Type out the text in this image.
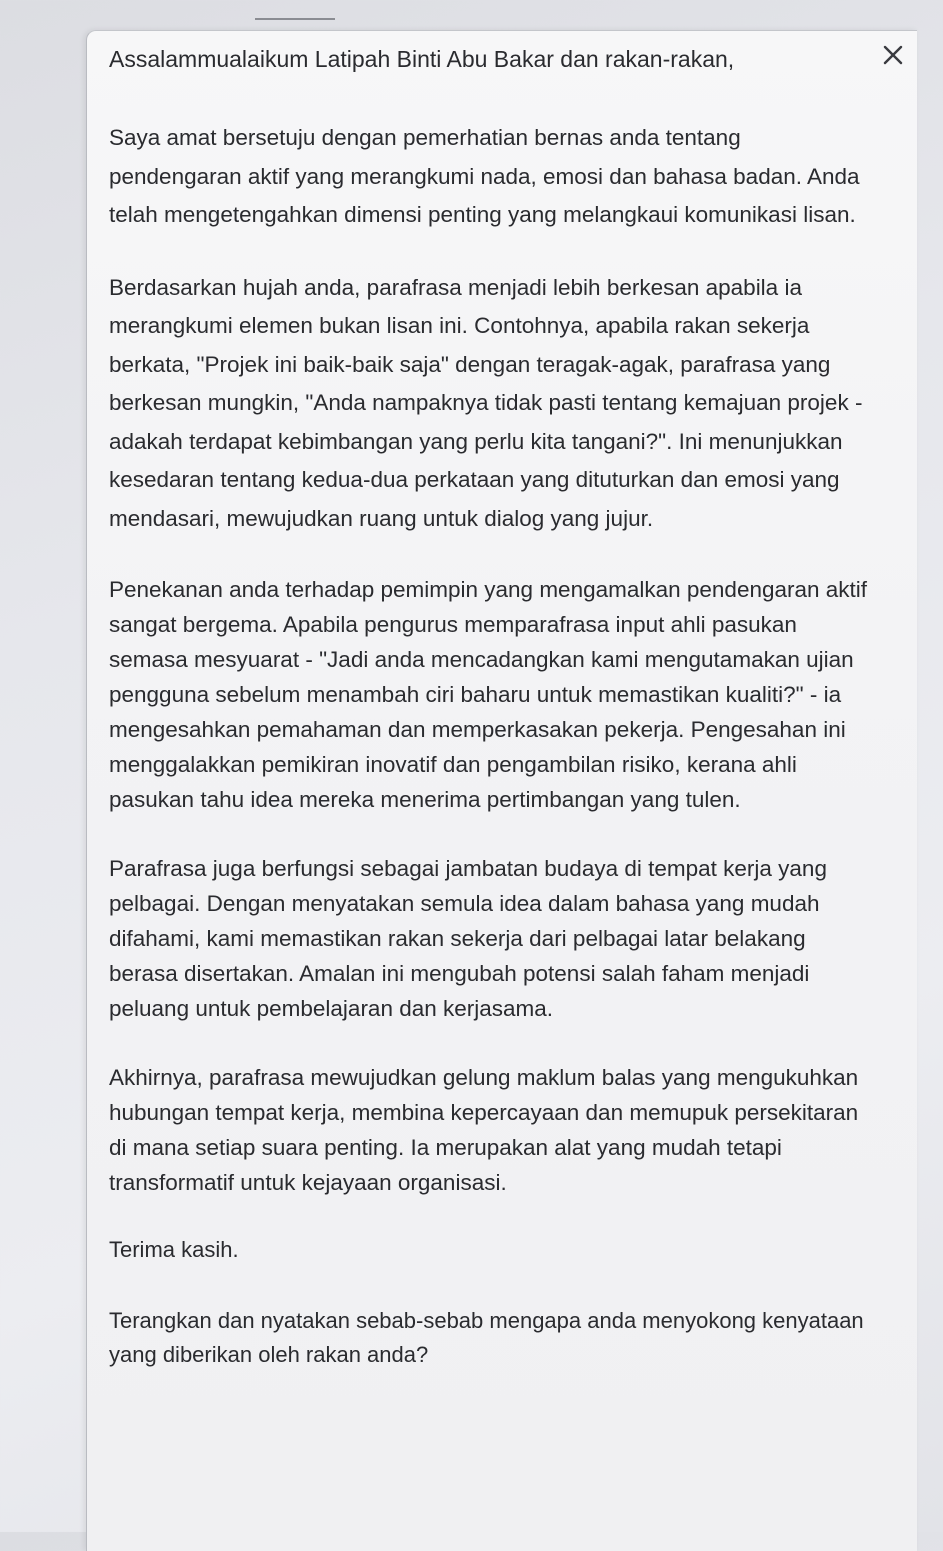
Assalammualaikum Latipah Binti Abu Bakar dan rakan-rakan,

Saya amat bersetuju dengan pemerhatian bernas anda tentang pendengaran aktif yang merangkumi nada, emosi dan bahasa badan. Anda telah mengetengahkan dimensi penting yang melangkaui komunikasi lisan.

Berdasarkan hujah anda, parafrasa menjadi lebih berkesan apabila ia merangkumi elemen bukan lisan ini. Contohnya, apabila rakan sekerja berkata, "Projek ini baik-baik saja" dengan teragak-agak, parafrasa yang berkesan mungkin, "Anda nampaknya tidak pasti tentang kemajuan projek - adakah terdapat kebimbangan yang perlu kita tangani?". Ini menunjukkan kesedaran tentang kedua-dua perkataan yang dituturkan dan emosi yang mendasari, mewujudkan ruang untuk dialog yang jujur.

Penekanan anda terhadap pemimpin yang mengamalkan pendengaran aktif sangat bergema. Apabila pengurus memparafrasa input ahli pasukan semasa mesyuarat - "Jadi anda mencadangkan kami mengutamakan ujian pengguna sebelum menambah ciri baharu untuk memastikan kualiti?" - ia mengesahkan pemahaman dan memperkasakan pekerja. Pengesahan ini menggalakkan pemikiran inovatif dan pengambilan risiko, kerana ahli pasukan tahu idea mereka menerima pertimbangan yang tulen.

Parafrasa juga berfungsi sebagai jambatan budaya di tempat kerja yang pelbagai. Dengan menyatakan semula idea dalam bahasa yang mudah difahami, kami memastikan rakan sekerja dari pelbagai latar belakang berasa disertakan. Amalan ini mengubah potensi salah faham menjadi peluang untuk pembelajaran dan kerjasama.

Akhirnya, parafrasa mewujudkan gelung maklum balas yang mengukuhkan hubungan tempat kerja, membina kepercayaan dan memupuk persekitaran di mana setiap suara penting. Ia merupakan alat yang mudah tetapi transformatif untuk kejayaan organisasi.

Terima kasih.

Terangkan dan nyatakan sebab-sebab mengapa anda menyokong kenyataan yang diberikan oleh rakan anda?
